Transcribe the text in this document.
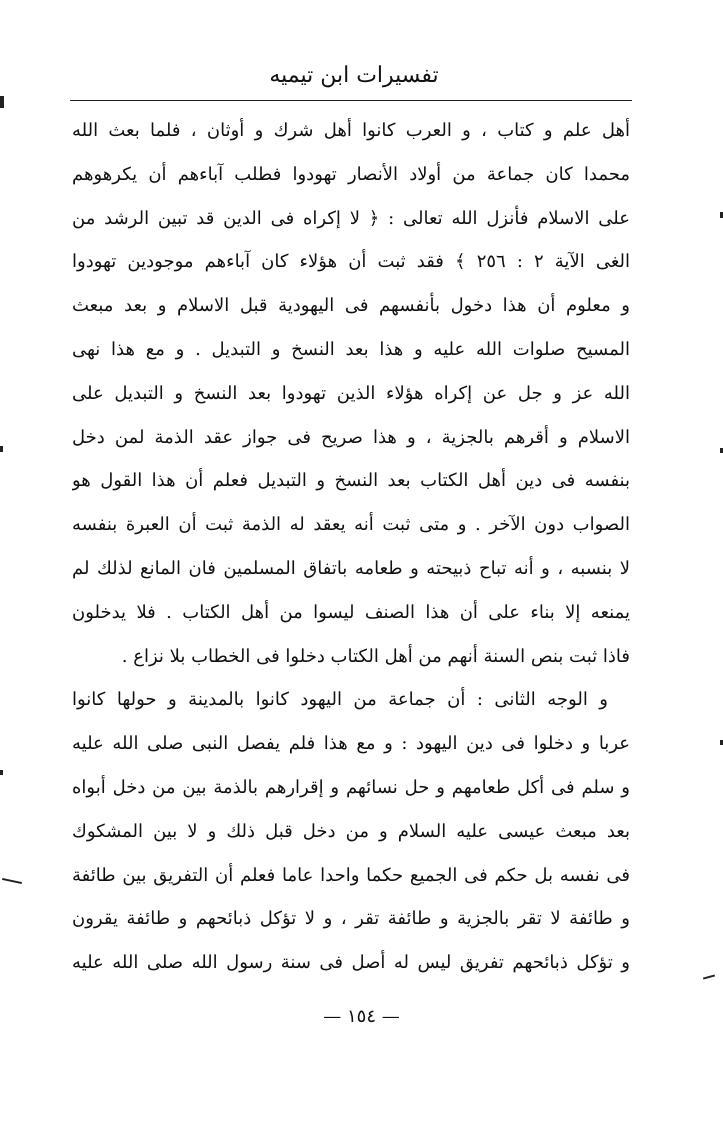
تفسيرات ابن تيميه
أهل علم و كتاب ، و العرب كانوا أهل شرك و أوثان ، فلما بعث الله
محمدا كان جماعة من أولاد الأنصار تهودوا فطلب آباءهم أن يكرهوهم
على الاسلام فأنزل الله تعالى : ﴿ لا إكراه فى الدين قد تبين الرشد من
الغى الآية ٢ : ٢٥٦ ﴾ فقد ثبت أن هؤلاء كان آباءهم موجودين تهودوا
و معلوم أن هذا دخول بأنفسهم فى اليهودية قبل الاسلام و بعد مبعث
المسيح صلوات الله عليه و هذا بعد النسخ و التبديل . و مع هذا نهى
الله عز و جل عن إكراه هؤلاء الذين تهودوا بعد النسخ و التبديل على
الاسلام و أقرهم بالجزية ، و هذا صريح فى جواز عقد الذمة لمن دخل
بنفسه فى دين أهل الكتاب بعد النسخ و التبديل فعلم أن هذا القول هو
الصواب دون الآخر . و متى ثبت أنه يعقد له الذمة ثبت أن العبرة بنفسه
لا بنسبه ، و أنه تباح ذبيحته و طعامه باتفاق المسلمين فان المانع لذلك لم
يمنعه إلا بناء على أن هذا الصنف ليسوا من أهل الكتاب . فلا يدخلون
فاذا ثبت بنص السنة أنهم من أهل الكتاب دخلوا فى الخطاب بلا نزاع .
و الوجه الثانى : أن جماعة من اليهود كانوا بالمدينة و حولها كانوا
عربا و دخلوا فى دين اليهود : و مع هذا فلم يفصل النبى صلى الله عليه
و سلم فى أكل طعامهم و حل نسائهم و إقرارهم بالذمة بين من دخل أبواه
بعد مبعث عيسى عليه السلام و من دخل قبل ذلك و لا بين المشكوك
فى نفسه بل حكم فى الجميع حكما واحدا عاما فعلم أن التفريق بين طائفة
و طائفة لا تقر بالجزية و طائفة تقر ، و لا تؤكل ذبائحهم و طائفة يقرون
و تؤكل ذبائحهم تفريق ليس له أصل فى سنة رسول الله صلى الله عليه
— ١٥٤ —
